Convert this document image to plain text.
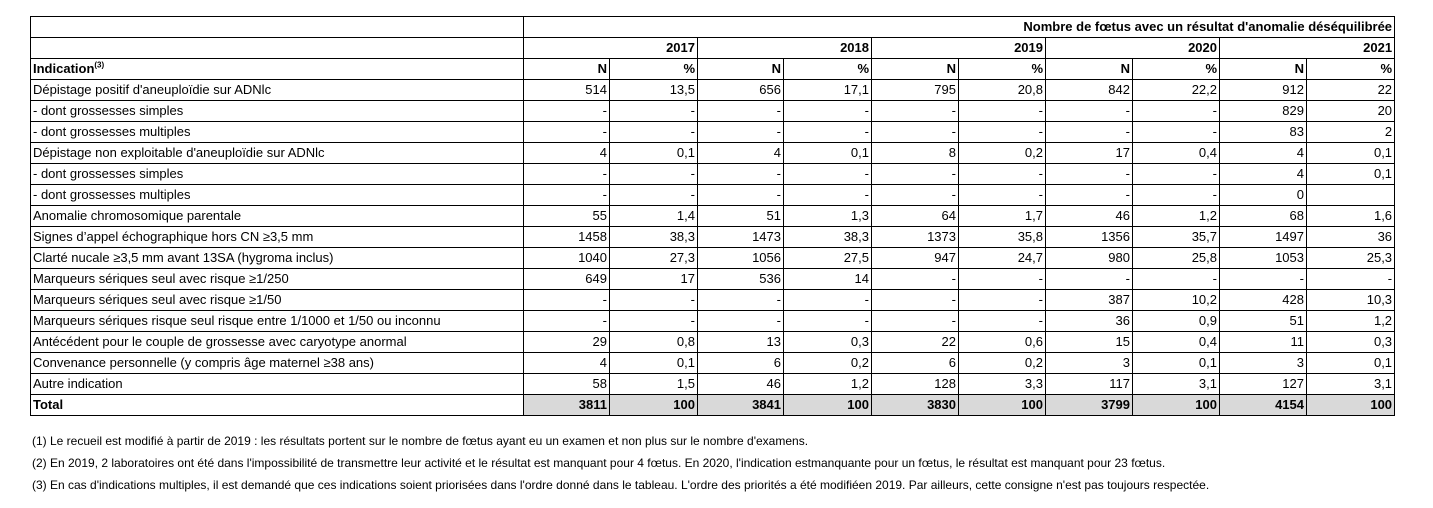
	Nombre de fœtus avec un résultat d'anomalie déséquilibrée									
	2017		2018		2019		2020		2021	
Indication$^{(3)}$	N	%	N	%	N	%	N	%	N	%
Dépistage positif d'aneuploïdie sur ADNlc	514	13,5	656	17,1	795	20,8	842	22,2	912	22
- dont grossesses simples	-	-	-	-	-	-	-	-	829	20
- dont grossesses multiples	-	-	-	-	-	-	-	-	83	2
Dépistage non exploitable d'aneuploïdie sur ADNlc	4	0,1	4	0,1	8	0,2	17	0,4	4	0,1
- dont grossesses simples	-	-	-	-	-	-	-	-	4	0,1
- dont grossesses multiples	-	-	-	-	-	-	-	-	0	
Anomalie chromosomique parentale	55	1,4	51	1,3	64	1,7	46	1,2	68	1,6
Signes d’appel échographique hors CN ≥3,5 mm	1458	38,3	1473	38,3	1373	35,8	1356	35,7	1497	36
Clarté nucale ≥3,5 mm avant 13SA (hygroma inclus)	1040	27,3	1056	27,5	947	24,7	980	25,8	1053	25,3
Marqueurs sériques seul avec risque ≥1/250	649	17	536	14	-	-	-	-	-	-
Marqueurs sériques seul avec risque ≥1/50	-	-	-	-	-	-	387	10,2	428	10,3
Marqueurs sériques risque seul risque entre 1/1000 et 1/50 ou inconnu	-	-	-	-	-	-	36	0,9	51	1,2
Antécédent pour le couple de grossesse avec caryotype anormal	29	0,8	13	0,3	22	0,6	15	0,4	11	0,3
Convenance personnelle (y compris âge maternel ≥38 ans)	4	0,1	6	0,2	6	0,2	3	0,1	3	0,1
Autre indication	58	1,5	46	1,2	128	3,3	117	3,1	127	3,1
Total	3811	100	3841	100	3830	100	3799	100	4154	100
(1) Le recueil est modifié à partir de 2019 : les résultats portent sur le nombre de fœtus ayant eu un examen et non plus sur le nombre d'examens.
(2) En 2019, 2 laboratoires ont été dans l'impossibilité de transmettre leur activité et le résultat est manquant pour 4 fœtus. En 2020, l'indication estmanquante pour un fœtus, le résultat est manquant pour 23 fœtus.
(3) En cas d'indications multiples, il est demandé que ces indications soient priorisées dans l'ordre donné dans le tableau. L'ordre des priorités a été modifiéen 2019. Par ailleurs, cette consigne n'est pas toujours respectée.
